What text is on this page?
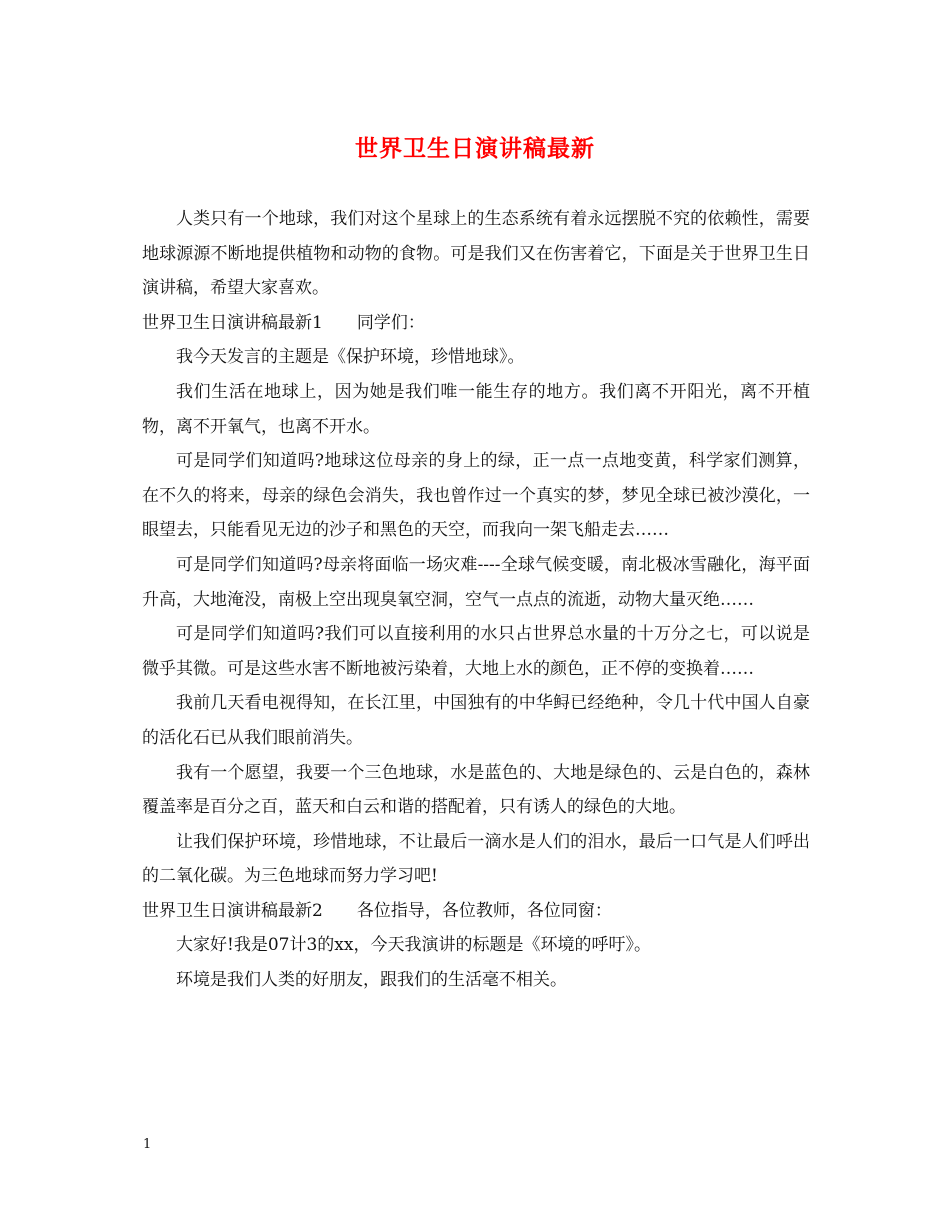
世界卫生日演讲稿最新

人类只有一个地球，我们对这个星球上的生态系统有着永远摆脱不究的依赖性，需要地球源源不断地提供植物和动物的食物。可是我们又在伤害着它，下面是关于世界卫生日演讲稿，希望大家喜欢。

世界卫生日演讲稿最新1　　同学们：

我今天发言的主题是《保护环境，珍惜地球》。

我们生活在地球上，因为她是我们唯一能生存的地方。我们离不开阳光，离不开植物，离不开氧气，也离不开水。

可是同学们知道吗?地球这位母亲的身上的绿，正一点一点地变黄，科学家们测算，在不久的将来，母亲的绿色会消失，我也曾作过一个真实的梦，梦见全球已被沙漠化，一眼望去，只能看见无边的沙子和黑色的天空，而我向一架飞船走去……

可是同学们知道吗?母亲将面临一场灾难----全球气候变暖，南北极冰雪融化，海平面升高，大地淹没，南极上空出现臭氧空洞，空气一点点的流逝，动物大量灭绝……

可是同学们知道吗?我们可以直接利用的水只占世界总水量的十万分之七，可以说是微乎其微。可是这些水害不断地被污染着，大地上水的颜色，正不停的变换着……

我前几天看电视得知，在长江里，中国独有的中华鲟已经绝种，令几十代中国人自豪的活化石已从我们眼前消失。

我有一个愿望，我要一个三色地球，水是蓝色的、大地是绿色的、云是白色的，森林覆盖率是百分之百，蓝天和白云和谐的搭配着，只有诱人的绿色的大地。

让我们保护环境，珍惜地球，不让最后一滴水是人们的泪水，最后一口气是人们呼出的二氧化碳。为三色地球而努力学习吧!

世界卫生日演讲稿最新2　　各位指导，各位教师，各位同窗：

大家好!我是07计3的xx，今天我演讲的标题是《环境的呼吁》。

环境是我们人类的好朋友，跟我们的生活毫不相关。

1
